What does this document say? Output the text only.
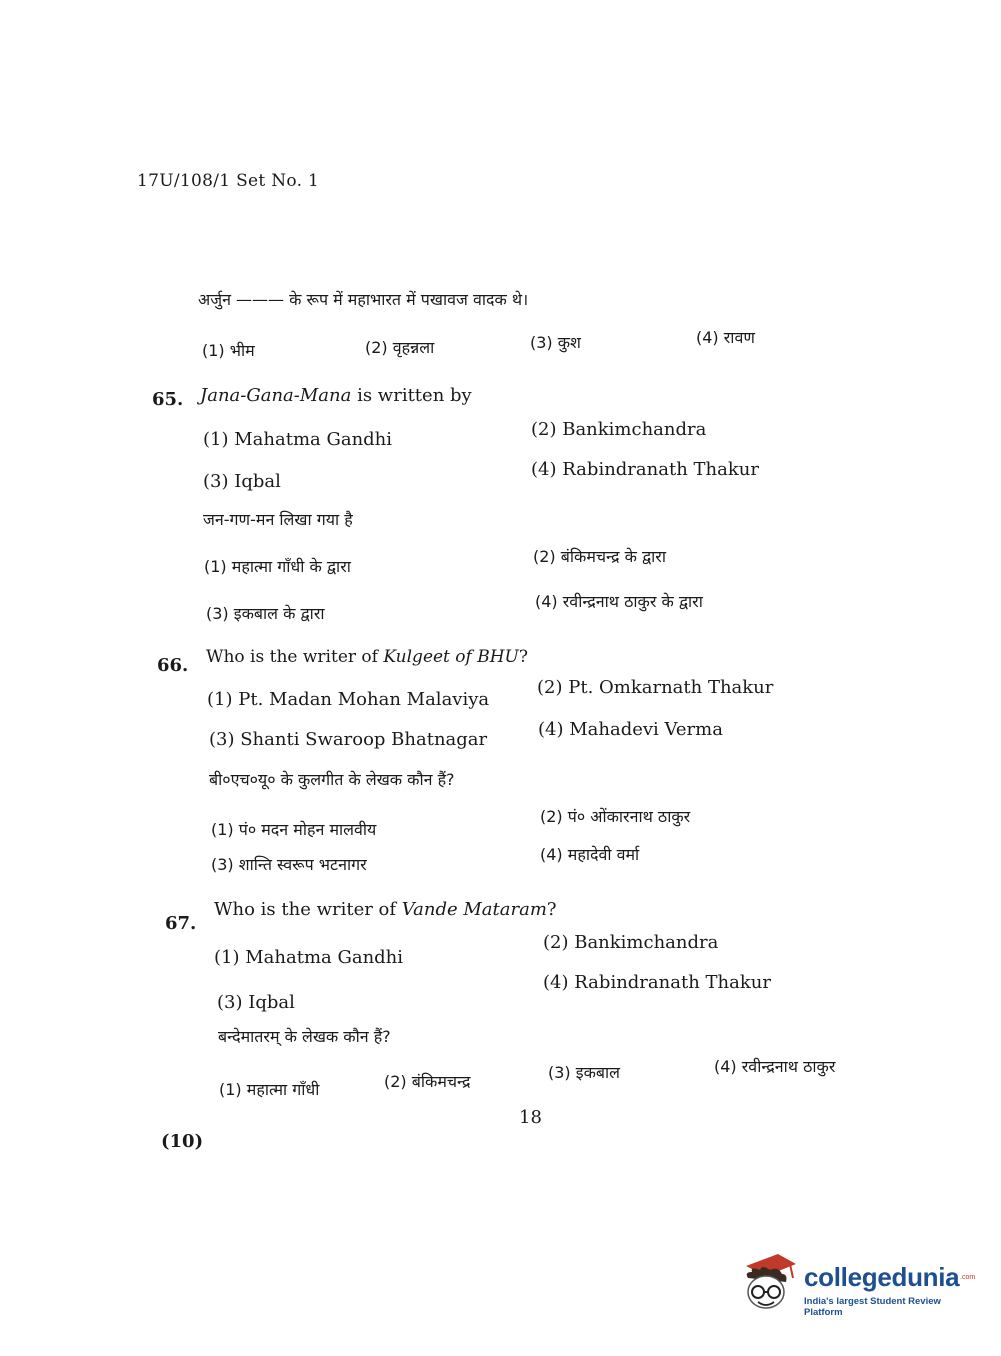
17U/108/1 Set No. 1
अर्जुन ——— के रूप में महाभारत में पखावज वादक थे।
(1) भीम	(2) वृहन्नला	(3) कुश	(4) रावण
65. Jana-Gana-Mana is written by
(1) Mahatma Gandhi	(2) Bankimchandra
(3) Iqbal
(4) Rabindranath Thakur
जन-गण-मन लिखा गया है
(1) महात्मा गाँधी के द्वारा
(2) बंकिमचन्द्र के द्वारा
(3) इकबाल के द्वारा
(4) रवीन्द्रनाथ ठाकुर के द्वारा
66. Who is the writer of Kulgeet of BHU?
(1) Pt. Madan Mohan Malaviya
(2) Pt. Omkarnath Thakur
(3) Shanti Swaroop Bhatnagar	(4) Mahadevi Verma
बी०एच०यू० के कुलगीत के लेखक कौन हैं?
(1) पं० मदन मोहन मालवीय
(2) पं० ओंकारनाथ ठाकुर
(3) शान्ति स्वरूप भटनागर
(4) महादेवी वर्मा
67.
Who is the writer of Vande Mataram?
(1) Mahatma Gandhi
(2) Bankimchandra
(3) Iqbal
(4) Rabindranath Thakur
बन्देमातरम् के लेखक कौन हैं?
(1) महात्मा गाँधी	(2) बंकिमचन्द्र	(3) इकबाल	(4) रवीन्द्रनाथ ठाकुर
18
(10)
collegedunia .com
India's largest Student Review Platform
